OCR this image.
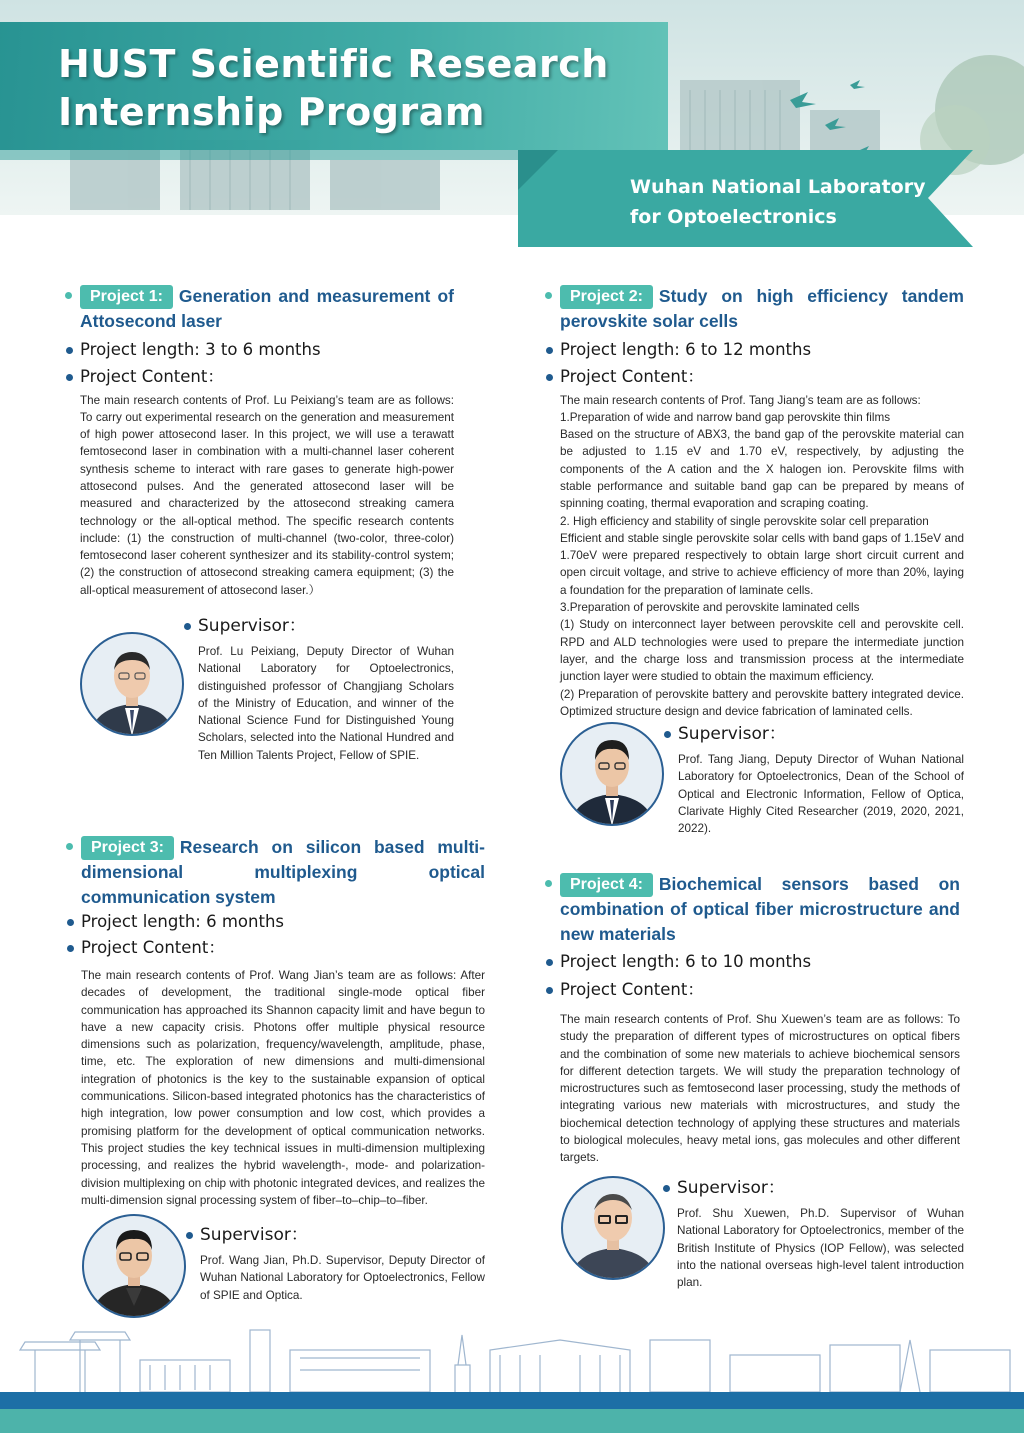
HUST Scientific Research Internship Program
Wuhan National Laboratory for Optoelectronics
Project 1: Generation and measurement of Attosecond laser
Project length: 3 to 6 months
Project Content：
The main research contents of Prof. Lu Peixiang’s team are as follows: To carry out experimental research on the generation and measurement of high power attosecond laser. In this project, we will use a terawatt femtosecond laser in combination with a multi-channel laser coherent synthesis scheme to interact with rare gases to generate high-power attosecond pulses. And the generated attosecond laser will be measured and characterized by the attosecond streaking camera technology or the all-optical method. The specific research contents include: (1) the construction of multi-channel (two-color, three-color) femtosecond laser coherent synthesizer and its stability-control system; (2) the construction of attosecond streaking camera equipment; (3) the all-optical measurement of attosecond laser.）
Supervisor：
Prof. Lu Peixiang, Deputy Director of Wuhan National Laboratory for Optoelectronics, distinguished professor of Changjiang Scholars of the Ministry of Education, and winner of the National Science Fund for Distinguished Young Scholars, selected into the National Hundred and Ten Million Talents Project, Fellow of SPIE.
Project 2: Study on high efficiency tandem perovskite solar cells
Project length: 6 to 12 months
Project Content：
The main research contents of Prof. Tang Jiang’s team are as follows:
1.Preparation of wide and narrow band gap perovskite thin films
Based on the structure of ABX3, the band gap of the perovskite material can be adjusted to 1.15 eV and 1.70 eV, respectively, by adjusting the components of the A cation and the X halogen ion. Perovskite films with stable performance and suitable band gap can be prepared by means of spinning coating, thermal evaporation and scraping coating.
2. High efficiency and stability of single perovskite solar cell preparation
Efficient and stable single perovskite solar cells with band gaps of 1.15eV and 1.70eV were prepared respectively to obtain large short circuit current and open circuit voltage, and strive to achieve efficiency of more than 20%, laying a foundation for the preparation of laminate cells.
3.Preparation of perovskite and perovskite laminated cells
(1) Study on interconnect layer between perovskite cell and perovskite cell. RPD and ALD technologies were used to prepare the intermediate junction layer, and the charge loss and transmission process at the intermediate junction layer were studied to obtain the maximum efficiency.
(2) Preparation of perovskite battery and perovskite battery integrated device. Optimized structure design and device fabrication of laminated cells.
Supervisor：
Prof. Tang Jiang, Deputy Director of Wuhan National Laboratory for Optoelectronics, Dean of the School of Optical and Electronic Information, Fellow of Optica, Clarivate Highly Cited Researcher (2019, 2020, 2021, 2022).
Project 3: Research on silicon based multi-dimensional multiplexing optical communication system
Project length: 6 months
Project Content：
The main research contents of Prof. Wang Jian’s team are as follows: After decades of development, the traditional single-mode optical fiber communication has approached its Shannon capacity limit and have begun to have a new capacity crisis. Photons offer multiple physical resource dimensions such as polarization, frequency/wavelength, amplitude, phase, time, etc. The exploration of new dimensions and multi-dimensional integration of photonics is the key to the sustainable expansion of optical communications. Silicon-based integrated photonics has the characteristics of high integration, low power consumption and low cost, which provides a promising platform for the development of optical communication networks. This project studies the key technical issues in multi-dimension multiplexing processing, and realizes the hybrid wavelength-, mode- and polarization-division multiplexing on chip with photonic integrated devices, and realizes the multi-dimension signal processing system of fiber–to–chip–to–fiber.
Supervisor：
Prof. Wang Jian, Ph.D. Supervisor, Deputy Director of Wuhan National Laboratory for Optoelectronics, Fellow of SPIE and Optica.
Project 4: Biochemical sensors based on combination of optical fiber microstructure and new materials
Project length: 6 to 10 months
Project Content：
The main research contents of Prof. Shu Xuewen’s team are as follows: To study the preparation of different types of microstructures on optical fibers and the combination of some new materials to achieve biochemical sensors for different detection targets. We will study the preparation technology of microstructures such as femtosecond laser processing, study the methods of integrating various new materials with microstructures, and study the biochemical detection technology of applying these structures and materials to biological molecules, heavy metal ions, gas molecules and other different targets.
Supervisor：
Prof. Shu Xuewen, Ph.D. Supervisor of Wuhan National Laboratory for Optoelectronics, member of the British Institute of Physics (IOP Fellow), was selected into the national overseas high-level talent introduction plan.
